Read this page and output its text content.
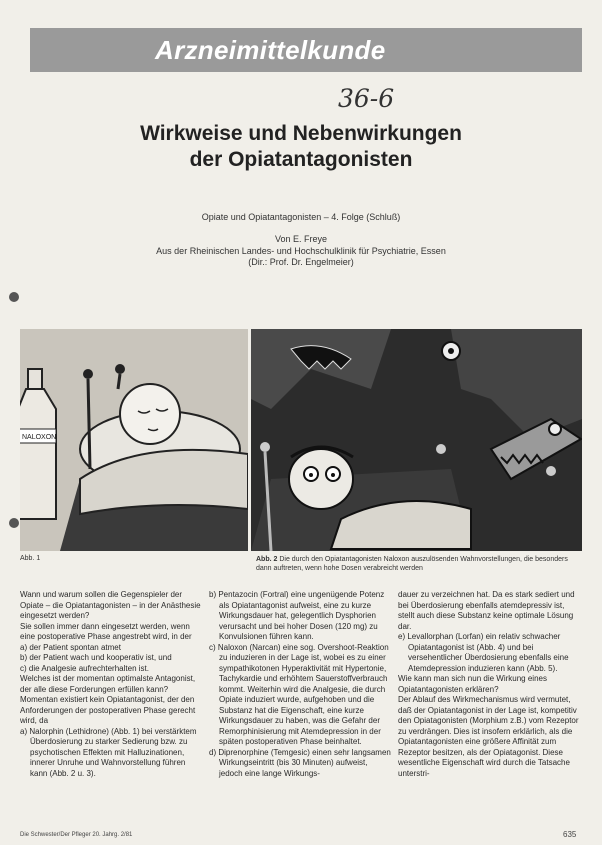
Arzneimittelkunde
36-6
Wirkweise und Nebenwirkungen
der Opiatantagonisten
Opiate und Opiatantagonisten – 4. Folge (Schluß)
Von E. Freye
Aus der Rheinischen Landes- und Hochschulklinik für Psychiatrie, Essen
(Dir.: Prof. Dr. Engelmeier)
NALOXON
Abb. 1	Abb. 2 Die durch den Opiatantagonisten Naloxon auszulösenden Wahnvorstellungen, die besonders dann auftreten, wenn hohe Dosen verabreicht werden

Wann und warum sollen die Gegenspieler der Opiate – die Opiatantagonisten – in der Anästhesie eingesetzt werden?

Sie sollen immer dann eingesetzt werden, wenn eine postoperative Phase angestrebt wird, in der

a) der Patient spontan atmet

b) der Patient wach und kooperativ ist, und

c) die Analgesie aufrechterhalten ist.

Welches ist der momentan optimalste Antagonist, der alle diese Forderungen erfüllen kann? Momentan existiert kein Opiatantagonist, der den Anforderungen der postoperativen Phase gerecht wird, da

a) Nalorphin (Lethidrone) (Abb. 1) bei verstärktem Überdosierung zu starker Sedierung bzw. zu psychotischen Effekten mit Halluzinationen, innerer Unruhe und Wahnvorstellung führen kann (Abb. 2 u. 3).

b) Pentazocin (Fortral) eine ungenügende Potenz als Opiatantagonist aufweist, eine zu kurze Wirkungsdauer hat, gelegentlich Dysphorien verursacht und bei hoher Dosen (120 mg) zu Konvulsionen führen kann.

c) Naloxon (Narcan) eine sog. Overshoot-Reaktion zu induzieren in der Lage ist, wobei es zu einer sympathikotonen Hyperaktivität mit Hypertonie, Tachykardie und erhöhtem Sauerstoffverbrauch kommt. Weiterhin wird die Analgesie, die durch Opiate induziert wurde, aufgehoben und die Substanz hat die Eigenschaft, eine kurze Wirkungsdauer zu haben, was die Gefahr der Remorphinisierung mit Atemdepression in der späten postoperativen Phase beinhaltet.

d) Diprenorphine (Temgesic) einen sehr langsamen Wirkungseintritt (bis 30 Minuten) aufweist, jedoch eine lange Wirkungs-

dauer zu verzeichnen hat. Da es stark sediert und bei Überdosierung ebenfalls atemdepressiv ist, stellt auch diese Substanz keine optimale Lösung dar.

e) Levallorphan (Lorfan) ein relativ schwacher Opiatantagonist ist (Abb. 4) und bei versehentlicher Überdosierung ebenfalls eine Atemdepression induzieren kann (Abb. 5).

Wie kann man sich nun die Wirkung eines Opiatantagonisten erklären?

Der Ablauf des Wirkmechanismus wird vermutet, daß der Opiatantagonist in der Lage ist, kompetitiv den Opiatagonisten (Morphium z.B.) vom Rezeptor zu verdrängen. Dies ist insofern erklärlich, als die Opiatantagonisten eine größere Affinität zum Rezeptor besitzen, als der Opiatagonist. Diese wesentliche Eigenschaft wird durch die Tatsache unterstri-

Die Schwester/Der Pfleger 20. Jahrg. 2/81	635
